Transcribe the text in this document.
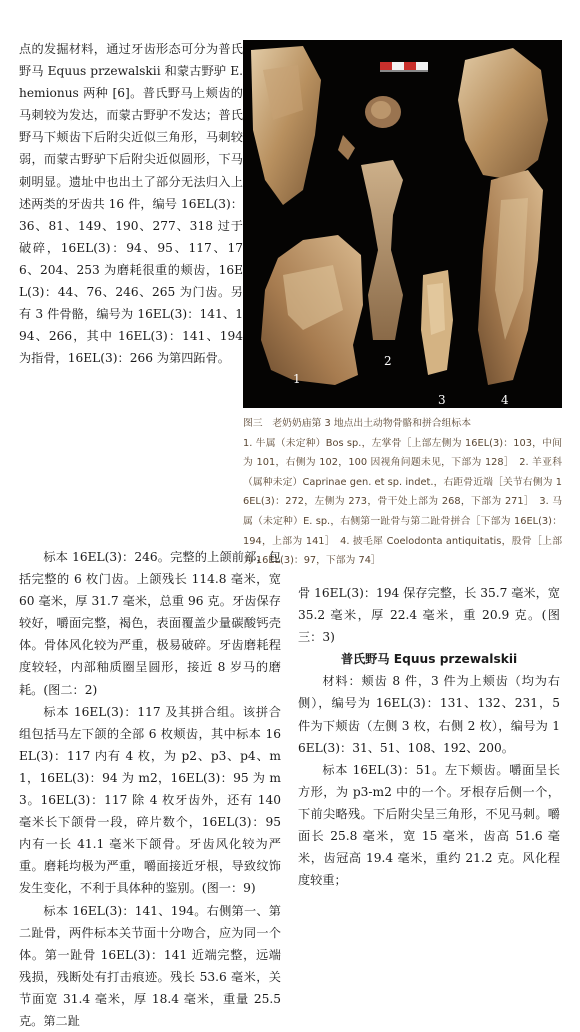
点的发掘材料，通过牙齿形态可分为普氏野马 Equus przewalskii 和蒙古野驴 E. hemionus 两种 [6]。普氏野马上颊齿的马刺较为发达，而蒙古野驴不发达；普氏野马下颊齿下后附尖近似三角形，马刺较弱，而蒙古野驴下后附尖近似圆形，下马刺明显。遗址中也出土了部分无法归入上述两类的牙齿共 16 件，编号 16EL(3)：36、81、149、190、277、318 过于破碎，16EL(3)：94、95、117、176、204、253 为磨耗很重的颊齿，16EL(3)：44、76、246、265 为门齿。另有 3 件骨骼，编号为 16EL(3)：141、194、266，其中 16EL(3)：141、194 为指骨，16EL(3)：266 为第四跖骨。

1
2
3	4
图三　老奶奶庙第 3 地点出土动物骨骼和拼合组标本
1. 牛属（未定种）Bos sp.，左掌骨［上部左侧为 16EL(3)：103，中间为 101，右侧为 102，100 因视角问题未见，下部为 128］　2. 羊亚科（属种未定）Caprinae gen. et sp. indet.，右距骨近端［关节右侧为 16EL(3)：272，左侧为 273，骨干处上部为 268，下部为 271］　3. 马属（未定种）E. sp.，右侧第一趾骨与第二趾骨拼合［下部为 16EL(3)：194，上部为 141］　4. 披毛犀 Coelodonta antiquitatis，股骨［上部为 16EL(3)：97，下部为 74］

标本 16EL(3)：246。完整的上颌前部，包括完整的 6 枚门齿。上颌残长 114.8 毫米，宽 60 毫米，厚 31.7 毫米，总重 96 克。牙齿保存较好，嚼面完整，褐色，表面覆盖少量碳酸钙壳体。骨体风化较为严重，极易破碎。牙齿磨耗程度较轻，内部釉质圈呈圆形，接近 8 岁马的磨耗。(图二：2)

标本 16EL(3)：117 及其拼合组。该拼合组包括马左下颌的全部 6 枚颊齿，其中标本 16EL(3)：117 内有 4 枚，为 p2、p3、p4、m1，16EL(3)：94 为 m2，16EL(3)：95 为 m3。16EL(3)：117 除 4 枚牙齿外，还有 140 毫米长下颌骨一段，碎片数个，16EL(3)：95 内有一长 41.1 毫米下颌骨。牙齿风化较为严重。磨耗均极为严重，嚼面接近牙根，导致纹饰发生变化，不利于具体种的鉴别。(图一：9)

标本 16EL(3)：141、194。右侧第一、第二趾骨，两件标本关节面十分吻合，应为同一个体。第一趾骨 16EL(3)：141 近端完整，远端残损，残断处有打击痕迹。残长 53.6 毫米，关节面宽 31.4 毫米，厚 18.4 毫米，重量 25.5 克。第二趾

骨 16EL(3)：194 保存完整，长 35.7 毫米，宽 35.2 毫米，厚 22.4 毫米，重 20.9 克。(图三：3)

普氏野马 Equus przewalskii

材料：颊齿 8 件，3 件为上颊齿（均为右侧），编号为 16EL(3)：131、132、231，5 件为下颊齿（左侧 3 枚，右侧 2 枚），编号为 16EL(3)：31、51、108、192、200。

标本 16EL(3)：51。左下颊齿。嚼面呈长方形，为 p3-m2 中的一个。牙根存后侧一个，下前尖略残。下后附尖呈三角形，不见马刺。嚼面长 25.8 毫米，宽 15 毫米，齿高 51.6 毫米，齿冠高 19.4 毫米，重约 21.2 克。风化程度较重；
